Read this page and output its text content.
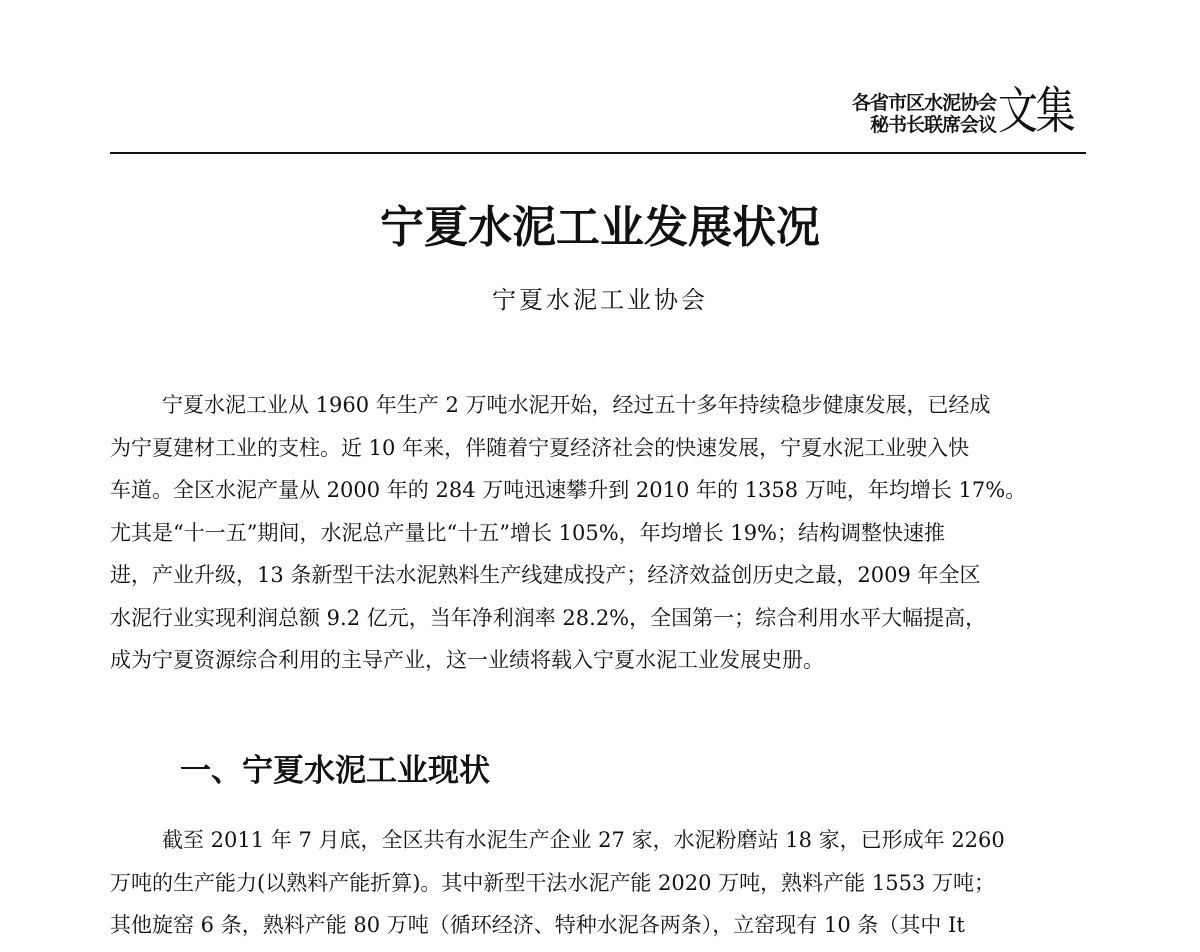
各省市区水泥协会
秘书长联席会议 文集
宁夏水泥工业发展状况
宁夏水泥工业协会
宁夏水泥工业从 1960 年生产 2 万吨水泥开始，经过五十多年持续稳步健康发展，已经成
为宁夏建材工业的支柱。近 10 年来，伴随着宁夏经济社会的快速发展，宁夏水泥工业驶入快
车道。全区水泥产量从 2000 年的 284 万吨迅速攀升到 2010 年的 1358 万吨，年均增长 17%。
尤其是“十一五”期间，水泥总产量比“十五”增长 105%，年均增长 19%；结构调整快速推
进，产业升级，13 条新型干法水泥熟料生产线建成投产；经济效益创历史之最，2009 年全区
水泥行业实现利润总额 9.2 亿元，当年净利润率 28.2%，全国第一；综合利用水平大幅提高，
成为宁夏资源综合利用的主导产业，这一业绩将载入宁夏水泥工业发展史册。
一、宁夏水泥工业现状
截至 2011 年 7 月底，全区共有水泥生产企业 27 家，水泥粉磨站 18 家，已形成年 2260
万吨的生产能力(以熟料产能折算)。其中新型干法水泥产能 2020 万吨，熟料产能 1553 万吨；
其他旋窑 6 条，熟料产能 80 万吨（循环经济、特种水泥各两条），立窑现有 10 条（其中 It
